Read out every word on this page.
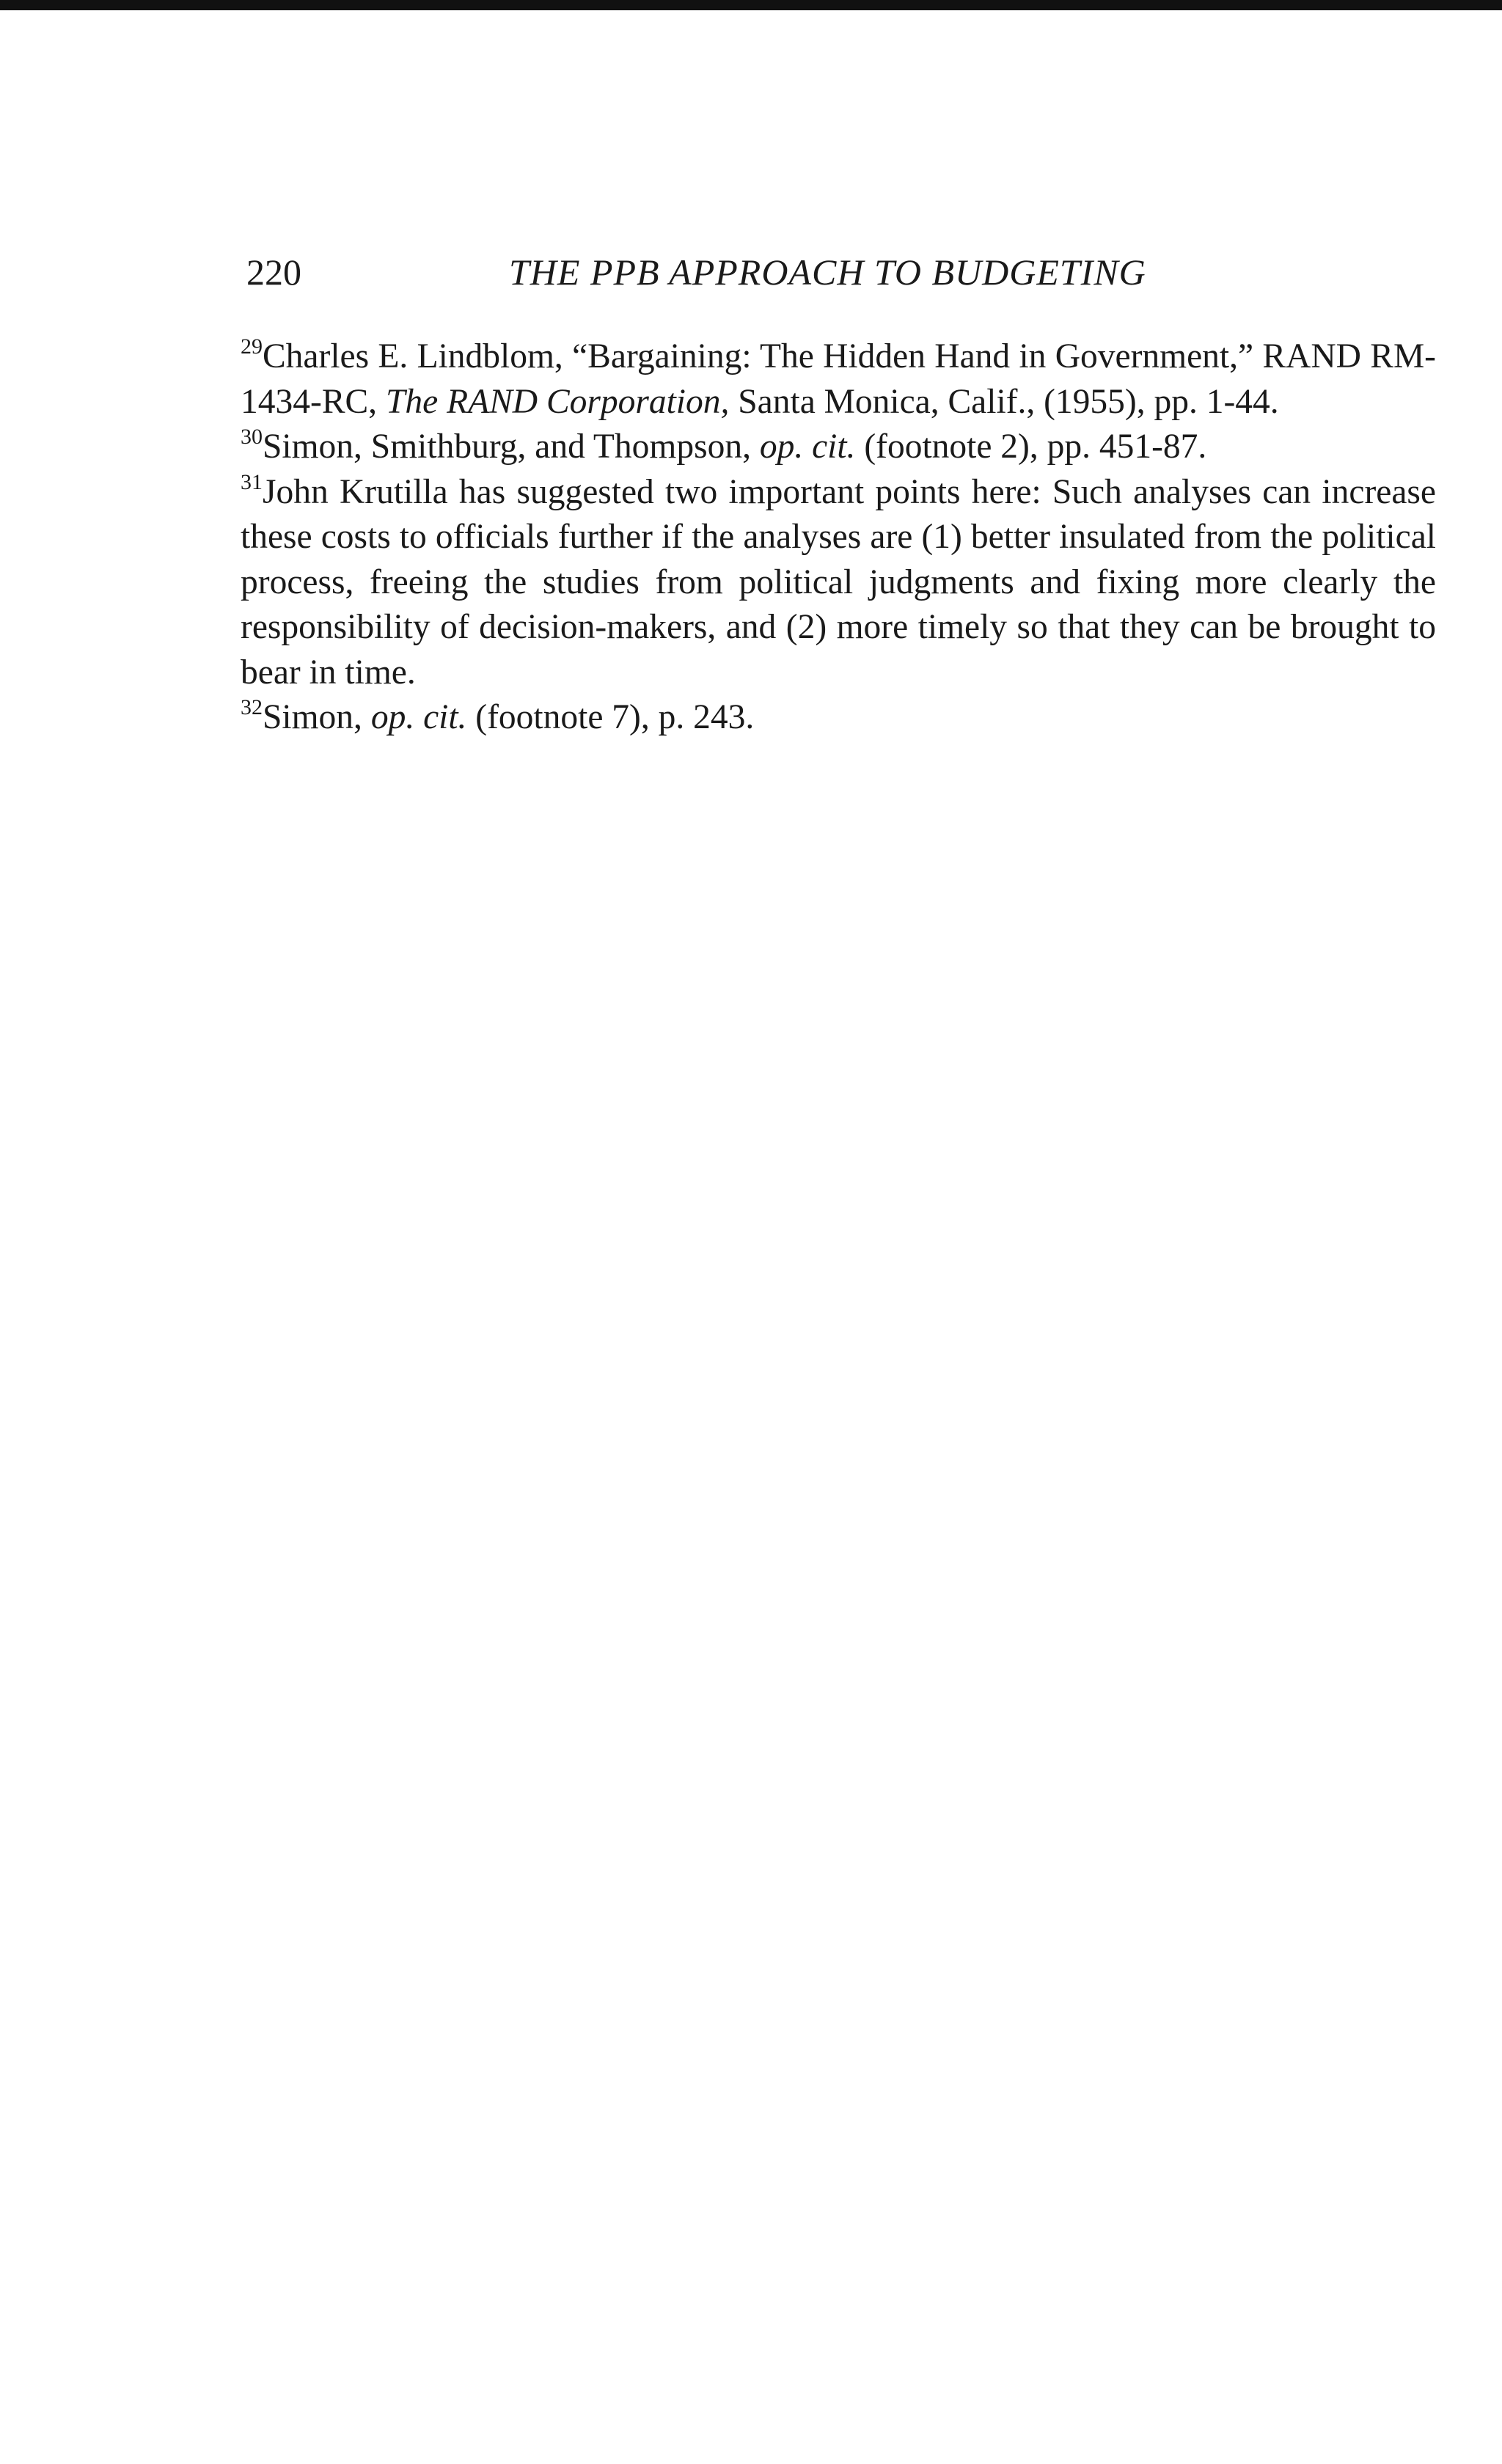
220	THE PPB APPROACH TO BUDGETING

$^{29}$Charles E. Lindblom, “Bargaining: The Hidden Hand in Government,” RAND RM-1434-RC, The RAND Corporation, Santa Monica, Calif., (1955), pp. 1-44.

$^{30}$Simon, Smithburg, and Thompson, op. cit. (footnote 2), pp. 451-87.

$^{31}$John Krutilla has suggested two important points here: Such analyses can increase these costs to officials further if the analyses are (1) better insulated from the political process, freeing the studies from political judgments and fixing more clearly the responsibility of decision-makers, and (2) more timely so that they can be brought to bear in time.

$^{32}$Simon, op. cit. (footnote 7), p. 243.
